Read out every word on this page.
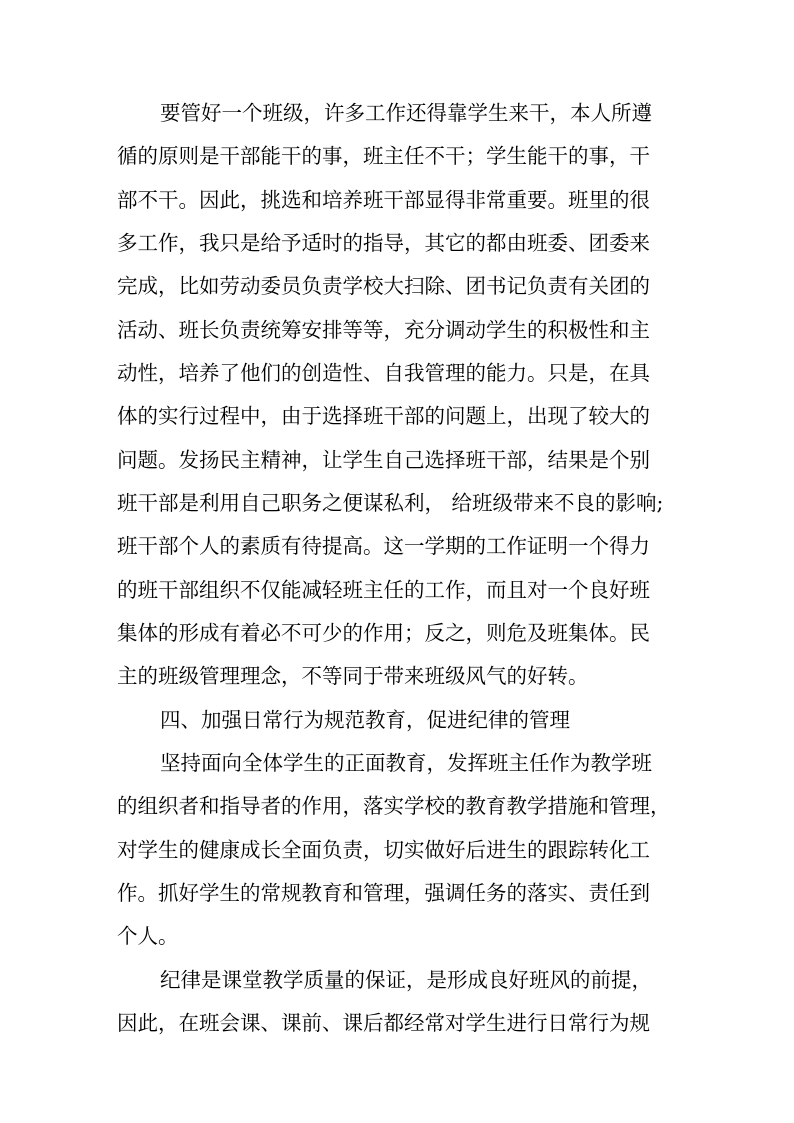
要管好一个班级，许多工作还得靠学生来干，本人所遵
循的原则是干部能干的事，班主任不干；学生能干的事，干
部不干。因此，挑选和培养班干部显得非常重要。班里的很
多工作，我只是给予适时的指导，其它的都由班委、团委来
完成，比如劳动委员负责学校大扫除、团书记负责有关团的
活动、班长负责统筹安排等等，充分调动学生的积极性和主
动性，培养了他们的创造性、自我管理的能力。只是，在具
体的实行过程中，由于选择班干部的问题上，出现了较大的
问题。发扬民主精神，让学生自己选择班干部，结果是个别
班干部是利用自己职务之便谋私利， 给班级带来不良的影响;
班干部个人的素质有待提高。这一学期的工作证明一个得力
的班干部组织不仅能减轻班主任的工作，而且对一个良好班
集体的形成有着必不可少的作用；反之，则危及班集体。民
主的班级管理理念，不等同于带来班级风气的好转。
四、加强日常行为规范教育，促进纪律的管理
坚持面向全体学生的正面教育，发挥班主任作为教学班
的组织者和指导者的作用，落实学校的教育教学措施和管理，
对学生的健康成长全面负责，切实做好后进生的跟踪转化工
作。抓好学生的常规教育和管理，强调任务的落实、责任到
个人。
纪律是课堂教学质量的保证，是形成良好班风的前提，
因此，在班会课、课前、课后都经常对学生进行日常行为规
